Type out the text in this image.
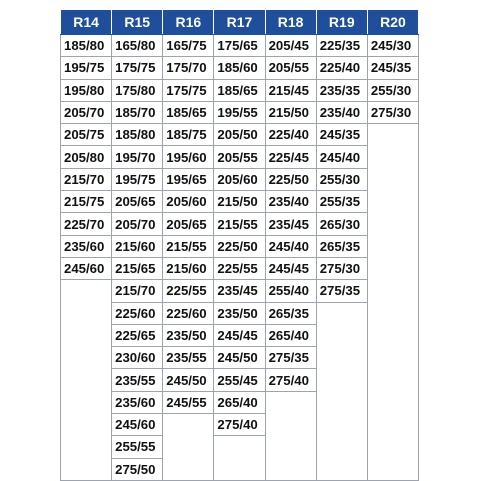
R14	R15	R16	R17	R18	R19	R20
185/80	165/80	165/75	175/65	205/45	225/35	245/30
195/75	175/75	175/70	185/60	205/55	225/40	245/35
195/80	175/80	175/75	185/65	215/45	235/35	255/30
205/70	185/70	185/65	195/55	215/50	235/40	275/30
205/75	185/80	185/75	205/50	225/40	245/35	
205/80	195/70	195/60	205/55	225/45	245/40	
215/70	195/75	195/65	205/60	225/50	255/30	
215/75	205/65	205/60	215/50	235/40	255/35	
225/70	205/70	205/65	215/55	235/45	265/30	
235/60	215/60	215/55	225/50	245/40	265/35	
245/60	215/65	215/60	225/55	245/45	275/30	
	215/70	225/55	235/45	255/40	275/35	
	225/60	225/60	235/50	265/35		
	225/65	235/50	245/45	265/40		
	230/60	235/55	245/50	275/35		
	235/55	245/50	255/45	275/40		
	235/60	245/55	265/40			
	245/60		275/40			
	255/55					
	275/50					
